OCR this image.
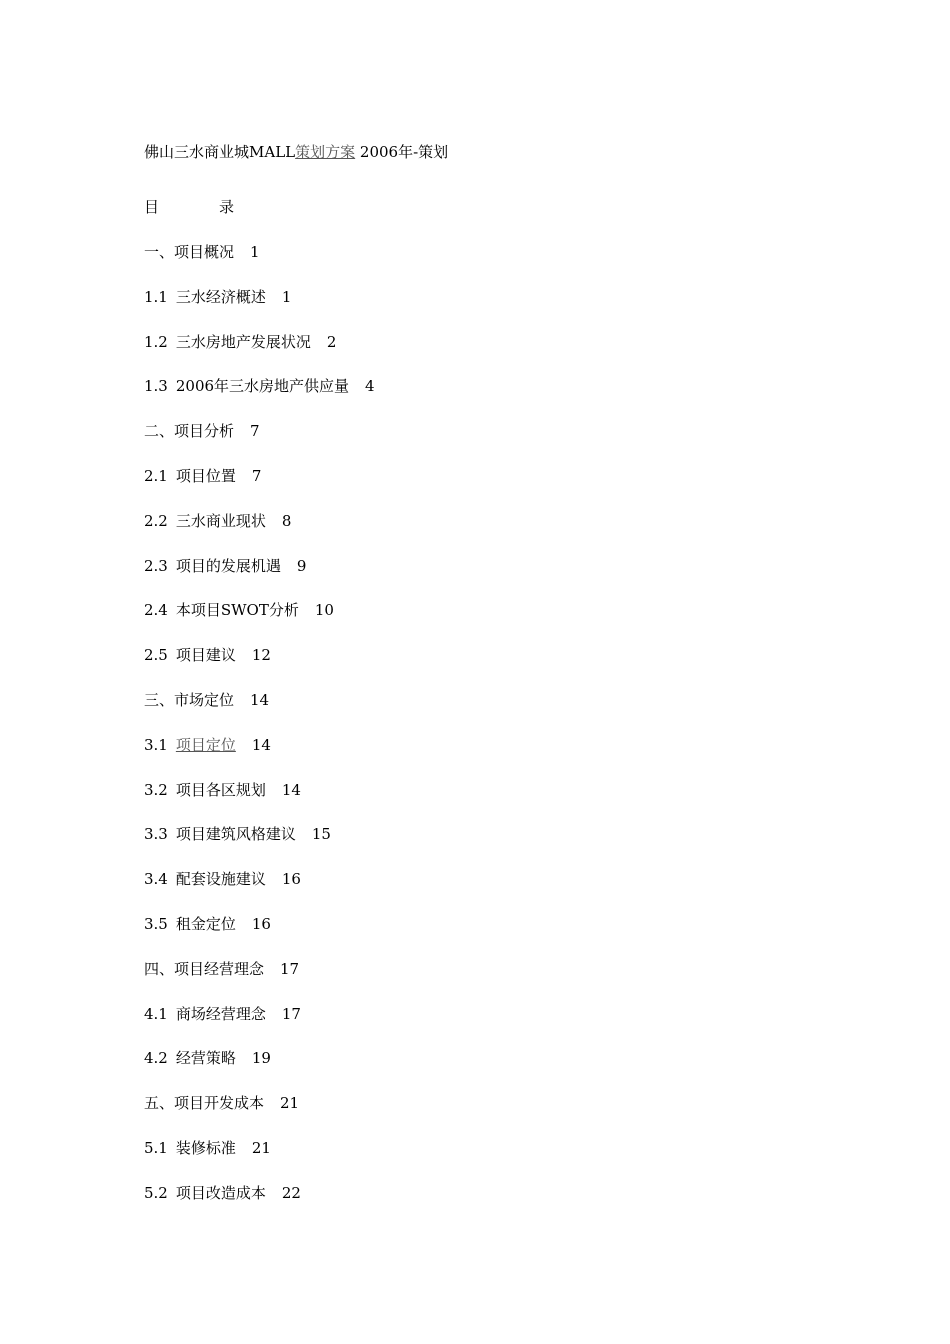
佛山三水商业城MALL策划方案 2006年-策划
目	录
一、项目概况 1
1.1 三水经济概述 1
1.2 三水房地产发展状况 2
1.3 2006年三水房地产供应量 4
二、项目分析 7
2.1 项目位置 7
2.2 三水商业现状 8
2.3 项目的发展机遇 9
2.4 本项目SWOT分析 10
2.5 项目建议 12
三、市场定位 14
3.1 项目定位 14
3.2 项目各区规划 14
3.3 项目建筑风格建议 15
3.4 配套设施建议 16
3.5 租金定位 16
四、项目经营理念 17
4.1 商场经营理念 17
4.2 经营策略 19
五、项目开发成本 21
5.1 装修标准 21
5.2 项目改造成本 22
